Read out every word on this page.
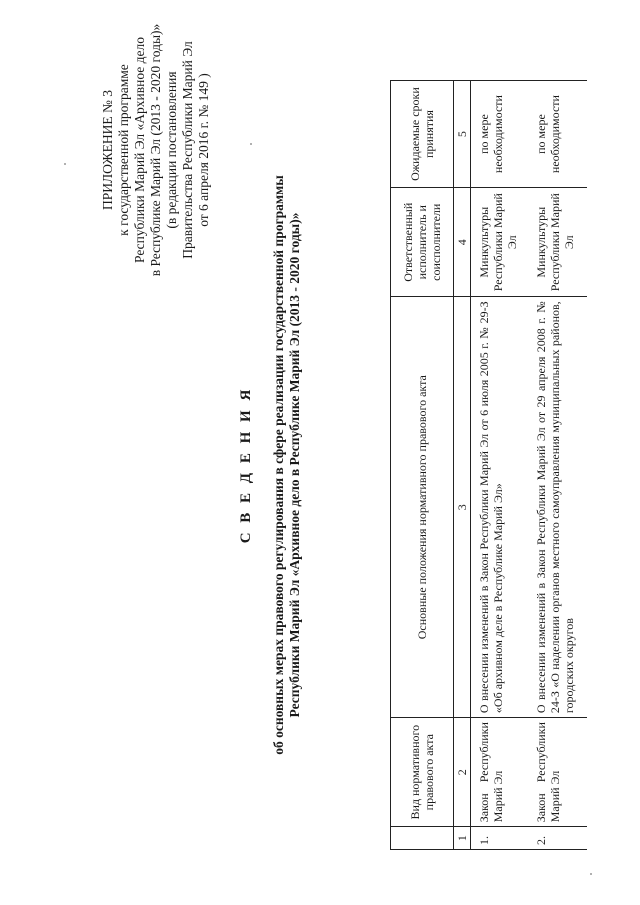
ПРИЛОЖЕНИЕ № 3 к государственной программе Республики Марий Эл «Архивное дело в Республике Марий Эл (2013 - 2020 годы)» (в редакции постановления Правительства Республики Марий Эл от 6 апреля 2016 г. № 149 )
С В Е Д Е Н И Я об основных мерах правового регулирования в сфере реализации государственной программы Республики Марий Эл «Архивное дело в Республике Марий Эл (2013 - 2020 годы)»
	Вид нормативного правового акта	Основные положения нормативного правового акта	Ответственный исполнитель и соисполнители	Ожидаемые сроки принятия
1	2	3	4	5
1.	Закон Республики Марий Эл	О внесении изменений в Закон Республики Марий Эл от 6 июля 2005 г. № 29-З «Об архивном деле в Республике Марий Эл»	Минкультуры Республики Марий Эл	по мере необходимости
2.	Закон Республики Марий Эл	О внесении изменений в Закон Республики Марий Эл от 29 апреля 2008 г. № 24-З «О наделении органов местного самоуправления муниципальных районов, городских округов	Минкультуры Республики Марий Эл	по мере необходимости
